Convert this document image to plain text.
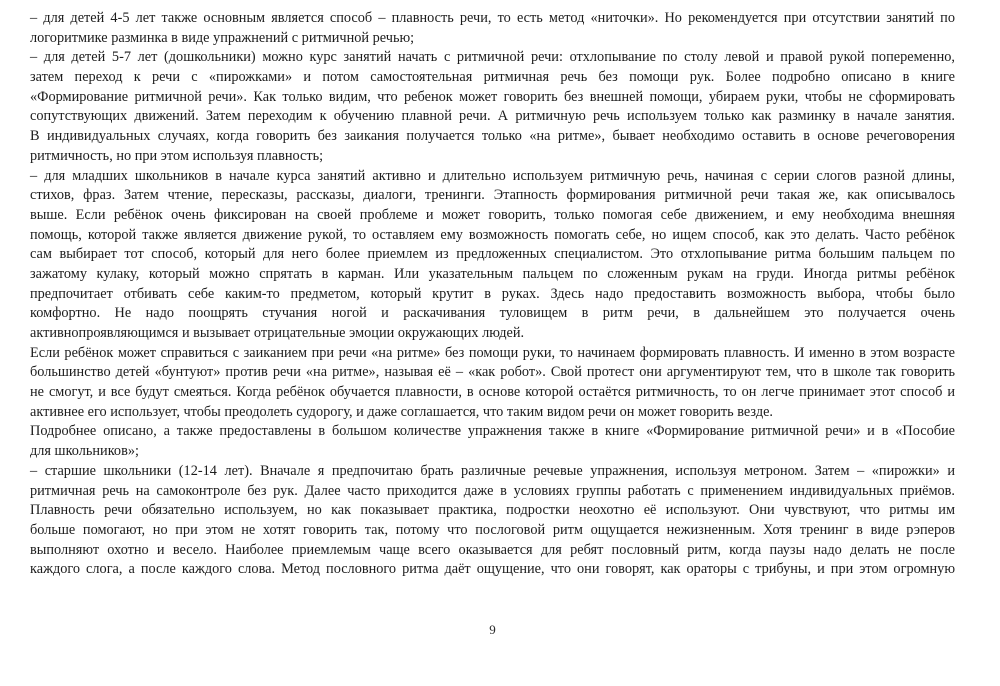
– для детей 4-5 лет также основным является способ – плавность речи, то есть метод «ниточки». Но рекомендуется при отсутствии занятий по
логоритмике разминка в виде упражнений с ритмичной речью;
– для детей 5-7 лет (дошкольники) можно курс занятий начать с ритмичной речи: отхлопывание по столу левой и правой рукой попеременно,
затем переход к речи с «пирожками» и потом самостоятельная ритмичная речь без помощи рук. Более подробно описано в книге
«Формирование ритмичной речи». Как только видим, что ребенок может говорить без внешней помощи, убираем руки, чтобы не сформировать
сопутствующих движений. Затем переходим к обучению плавной речи. А ритмичную речь используем только как разминку в начале занятия.
В индивидуальных случаях, когда говорить без заикания получается только «на ритме», бывает необходимо оставить в основе речеговорения
ритмичность, но при этом используя плавность;
– для младших школьников в начале курса занятий активно и длительно используем ритмичную речь, начиная с серии слогов разной длины,
стихов, фраз. Затем чтение, пересказы, рассказы, диалоги, тренинги. Этапность формирования ритмичной речи такая же, как описывалось
выше. Если ребёнок очень фиксирован на своей проблеме и может говорить, только помогая себе движением, и ему необходима внешняя
помощь, которой также является движение рукой, то оставляем ему возможность помогать себе, но ищем способ, как это делать. Часто ребёнок
сам выбирает тот способ, который для него более приемлем из предложенных специалистом. Это отхлопывание ритма большим пальцем по
зажатому кулаку, который можно спрятать в карман. Или указательным пальцем по сложенным рукам на груди. Иногда ритмы ребёнок
предпочитает отбивать себе каким-то предметом, который крутит в руках. Здесь надо предоставить возможность выбора, чтобы было
комфортно. Не надо поощрять стучания ногой и раскачивания туловищем в ритм речи, в дальнейшем это получается очень
активнопроявляющимся и вызывает отрицательные эмоции окружающих людей.
Если ребёнок может справиться с заиканием при речи «на ритме» без помощи руки, то начинаем формировать плавность. И именно в этом возрасте
большинство детей «бунтуют» против речи «на ритме», называя её – «как робот». Свой протест они аргументируют тем, что в школе так говорить
не смогут, и все будут смеяться. Когда ребёнок обучается плавности, в основе которой остаётся ритмичность, то он легче принимает этот способ и
активнее его использует, чтобы преодолеть судорогу, и даже соглашается, что таким видом речи он может говорить везде.
Подробнее описано, а также предоставлены в большом количестве упражнения также в книге «Формирование ритмичной речи» и в «Пособие
для школьников»;
– старшие школьники (12-14 лет). Вначале я предпочитаю брать различные речевые упражнения, используя метроном. Затем – «пирожки» и
ритмичная речь на самоконтроле без рук. Далее часто приходится даже в условиях группы работать с применением индивидуальных приёмов.
Плавность речи обязательно используем, но как показывает практика, подростки неохотно её используют. Они чувствуют, что ритмы им
больше помогают, но при этом не хотят говорить так, потому что послоговой ритм ощущается нежизненным. Хотя тренинг в виде рэперов
выполняют охотно и весело. Наиболее приемлемым чаще всего оказывается для ребят пословный ритм, когда паузы надо делать не после
каждого слога, а после каждого слова. Метод пословного ритма даёт ощущение, что они говорят, как ораторы с трибуны, и при этом огромную
9
